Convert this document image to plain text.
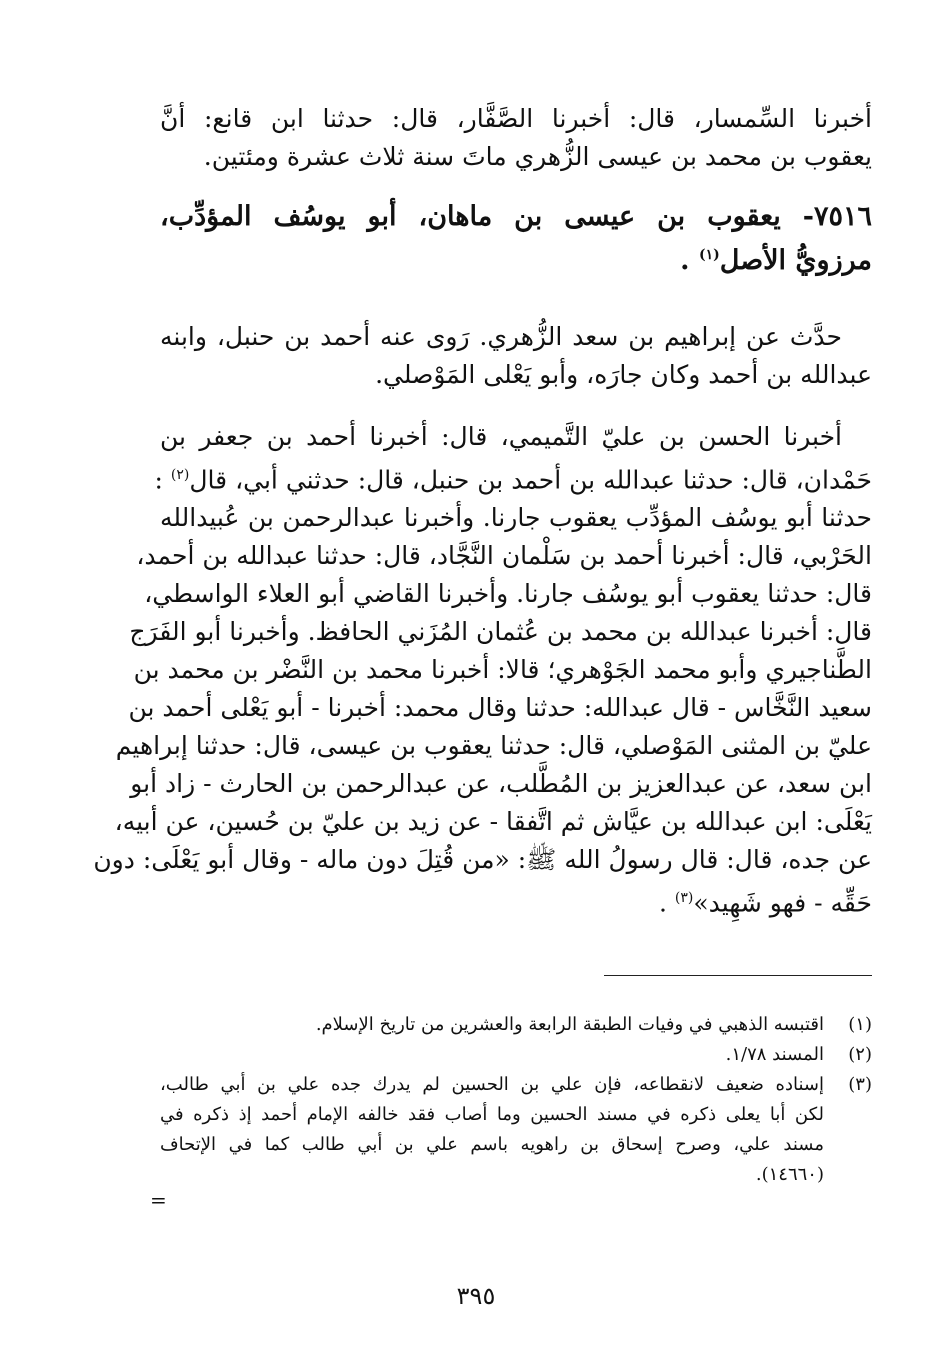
أخبرنا السِّمسار، قال: أخبرنا الصَّفَّار، قال: حدثنا ابن قانع: أنَّ
يعقوب بن محمد بن عيسى الزُّهري ماتَ سنة ثلاث عشرة ومئتين.
٧٥١٦- يعقوب بن عيسى بن ماهان، أبو يوسُف المؤدِّب،
مرزويُّ الأصل$^{(١)}$ .
حدَّث عن إبراهيم بن سعد الزُّهري. رَوى عنه أحمد بن حنبل، وابنه
عبدالله بن أحمد وكان جارَه، وأبو يَعْلى المَوْصلي.
أخبرنا الحسن بن عليّ التَّميمي، قال: أخبرنا أحمد بن جعفر بن
حَمْدان، قال: حدثنا عبدالله بن أحمد بن حنبل، قال: حدثني أبي، قال$^{(٢)}$ :
حدثنا أبو يوسُف المؤدِّب يعقوب جارنا. وأخبرنا عبدالرحمن بن عُبيدالله
الحَرْبي، قال: أخبرنا أحمد بن سَلْمان النَّجَّاد، قال: حدثنا عبدالله بن أحمد،
قال: حدثنا يعقوب أبو يوسُف جارنا. وأخبرنا القاضي أبو العلاء الواسطي،
قال: أخبرنا عبدالله بن محمد بن عُثمان المُزَني الحافظ. وأخبرنا أبو الفَرَج
الطَّناجيري وأبو محمد الجَوْهري؛ قالا: أخبرنا محمد بن النَّضْر بن محمد بن
سعيد النَّخَّاس - قال عبدالله: حدثنا وقال محمد: أخبرنا - أبو يَعْلى أحمد بن
عليّ بن المثنى المَوْصلي، قال: حدثنا يعقوب بن عيسى، قال: حدثنا إبراهيم
ابن سعد، عن عبدالعزيز بن المُطَّلب، عن عبدالرحمن بن الحارث - زاد أبو
يَعْلَى: ابن عبدالله بن عيَّاش ثم اتَّفقا - عن زيد بن عليّ بن حُسين، عن أبيه،
عن جده، قال: قال رسولُ الله ﷺ: «من قُتِلَ دون ماله - وقال أبو يَعْلَى: دون
حَقِّه - فهو شَهِيد»$^{(٣)}$ .
(١)
اقتبسه الذهبي في وفيات الطبقة الرابعة والعشرين من تاريخ الإسلام.
(٢)
المسند ١/٧٨.
(٣)
إسناده ضعيف لانقطاعه، فإن علي بن الحسين لم يدرك جده علي بن أبي طالب،
لكن أبا يعلى ذكره في مسند الحسين وما أصاب فقد خالفه الإمام أحمد إذ ذكره في
مسند علي، وصرح إسحاق بن راهويه باسم علي بن أبي طالب كما في الإتحاف
(١٤٦٦٠).
=
٣٩٥
